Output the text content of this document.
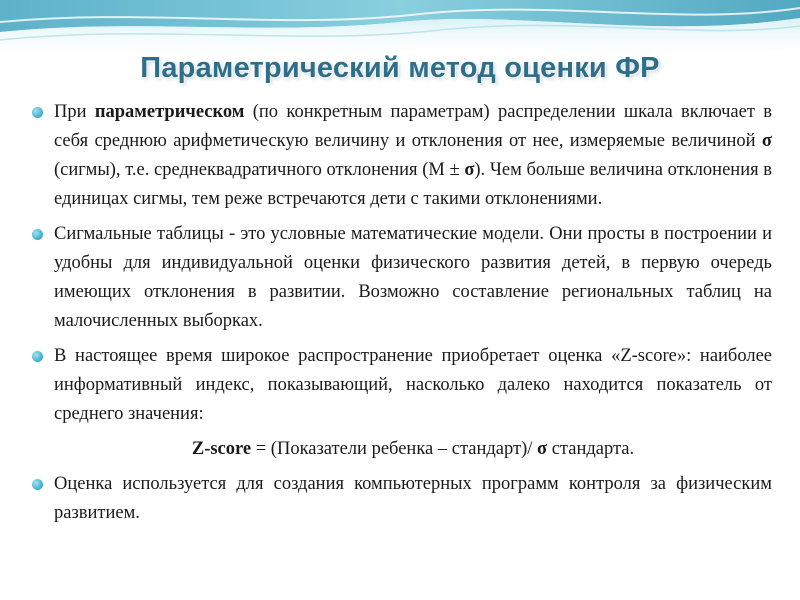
Параметрический метод оценки ФР
При параметрическом (по конкретным параметрам) распределении шкала включает в себя среднюю арифметическую величину и отклонения от нее, измеряемые величиной σ (сигмы), т.е. среднеквадратичного отклонения (М ± σ). Чем больше величина отклонения в единицах сигмы, тем реже встречаются дети с такими отклонениями.
Сигмальные таблицы - это условные математические модели. Они просты в построении и удобны для индивидуальной оценки физического развития детей, в первую очередь имеющих отклонения в развитии. Возможно составление региональных таблиц на малочисленных выборках.
В настоящее время широкое распространение приобретает оценка «Z-score»: наиболее информативный индекс, показывающий, насколько далеко находится показатель от среднего значения:
Z-score = (Показатели ребенка – стандарт)/ σ стандарта.
Оценка используется для создания компьютерных программ контроля за физическим развитием.
